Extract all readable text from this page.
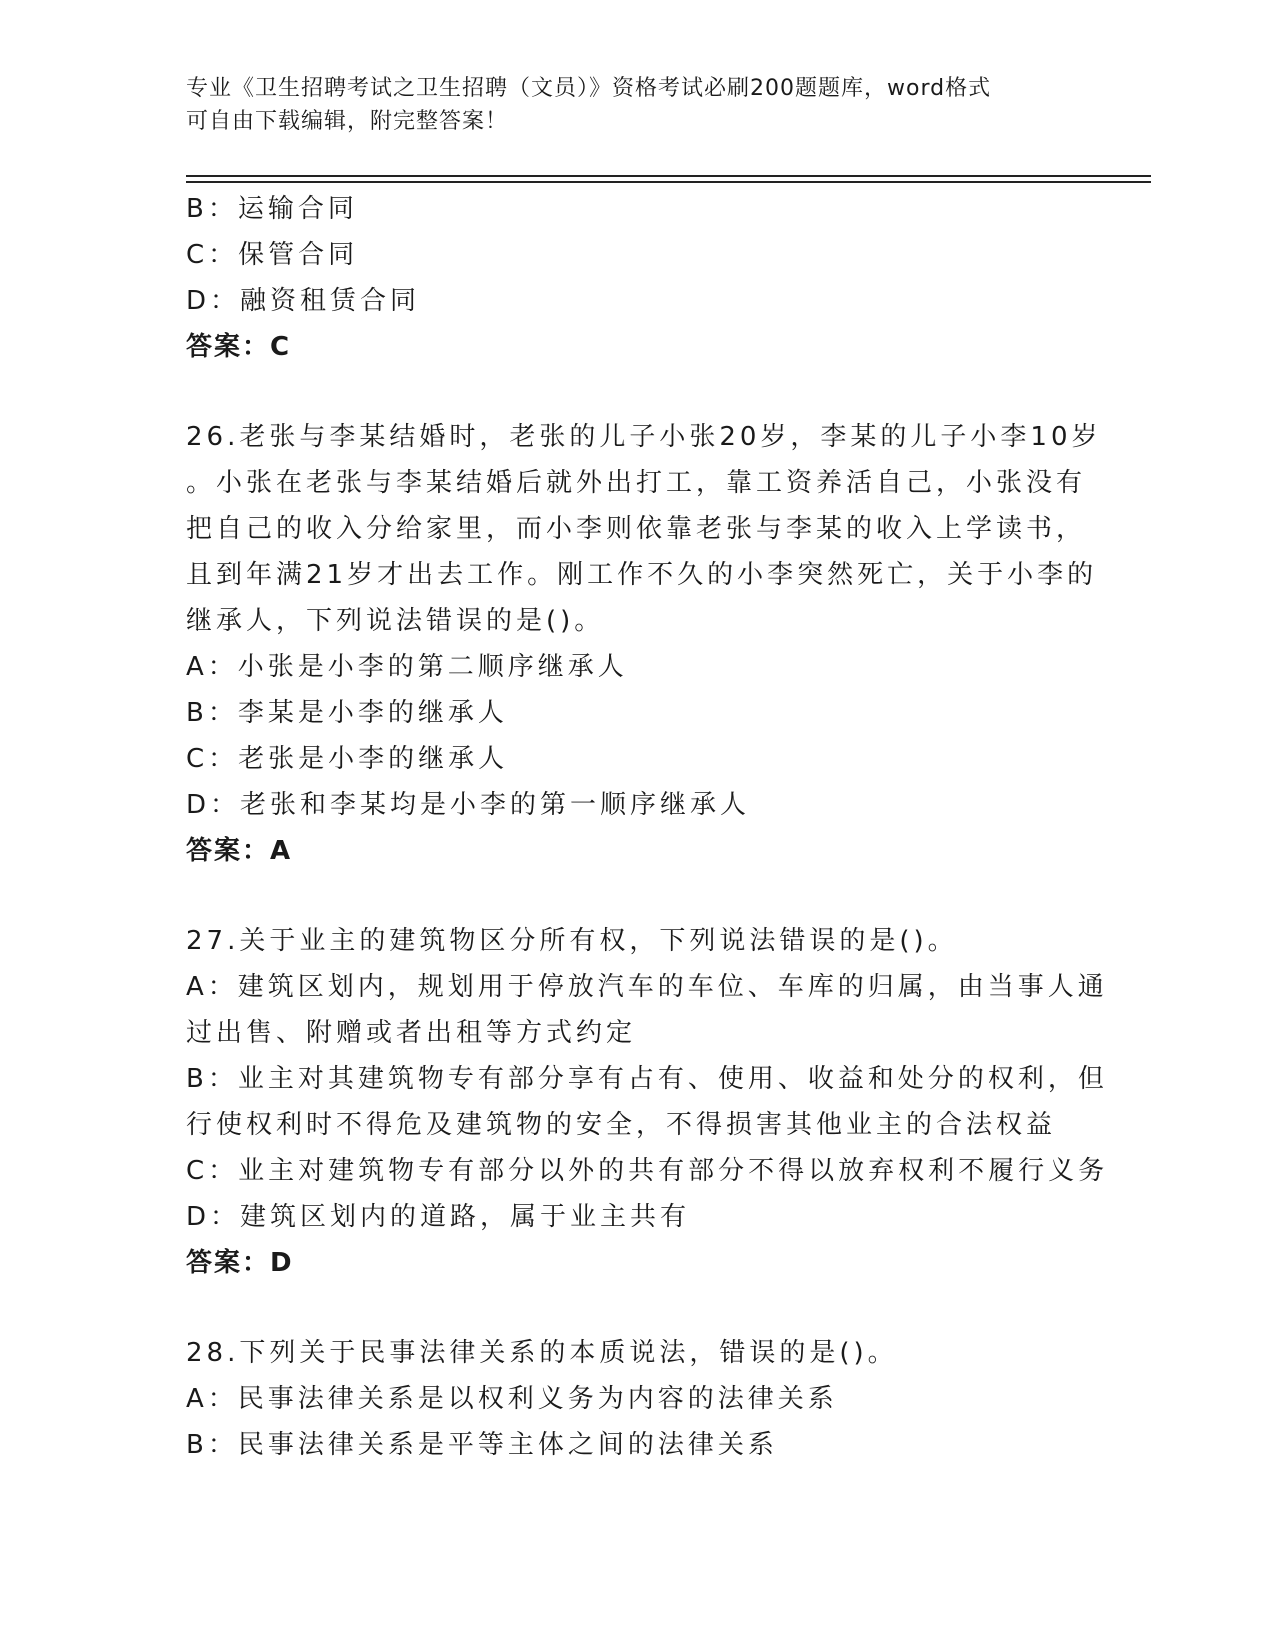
专业《卫生招聘考试之卫生招聘（文员）》资格考试必刷200题题库，word格式
可自由下载编辑，附完整答案！
B：运输合同
C：保管合同
D：融资租赁合同
答案：C
26.老张与李某结婚时，老张的儿子小张20岁，李某的儿子小李10岁
。小张在老张与李某结婚后就外出打工，靠工资养活自己，小张没有
把自己的收入分给家里，而小李则依靠老张与李某的收入上学读书，
且到年满21岁才出去工作。刚工作不久的小李突然死亡，关于小李的
继承人，下列说法错误的是()。
A：小张是小李的第二顺序继承人
B：李某是小李的继承人
C：老张是小李的继承人
D：老张和李某均是小李的第一顺序继承人
答案：A
27.关于业主的建筑物区分所有权，下列说法错误的是()。
A：建筑区划内，规划用于停放汽车的车位、车库的归属，由当事人通
过出售、附赠或者出租等方式约定
B：业主对其建筑物专有部分享有占有、使用、收益和处分的权利，但
行使权利时不得危及建筑物的安全，不得损害其他业主的合法权益
C：业主对建筑物专有部分以外的共有部分不得以放弃权利不履行义务
D：建筑区划内的道路，属于业主共有
答案：D
28.下列关于民事法律关系的本质说法，错误的是()。
A：民事法律关系是以权利义务为内容的法律关系
B：民事法律关系是平等主体之间的法律关系
